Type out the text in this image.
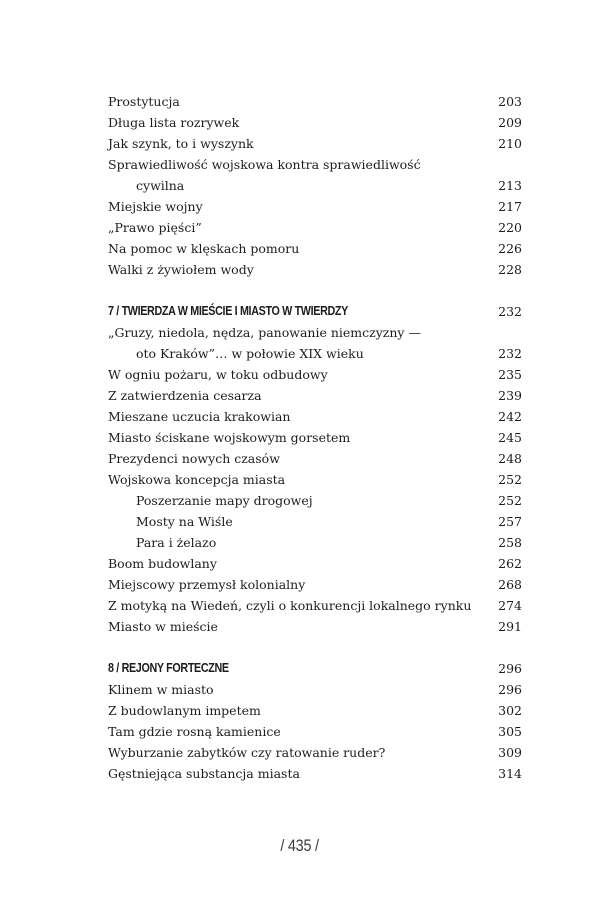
Prostytucja	203
Długa lista rozrywek	209
Jak szynk, to i wyszynk	210
Sprawiedliwość wojskowa kontra sprawiedliwość
cywilna	213
Miejskie wojny	217
„Prawo pięści”	220
Na pomoc w klęskach pomoru	226
Walki z żywiołem wody	228
7 / TWIERDZA W MIEŚCIE I MIASTO W TWIERDZY	232
„Gruzy, niedola, nędza, panowanie niemczyzny —
oto Kraków”… w połowie XIX wieku	232
W ogniu pożaru, w toku odbudowy	235
Z zatwierdzenia cesarza	239
Mieszane uczucia krakowian	242
Miasto ściskane wojskowym gorsetem	245
Prezydenci nowych czasów	248
Wojskowa koncepcja miasta	252
Poszerzanie mapy drogowej	252
Mosty na Wiśle	257
Para i żelazo	258
Boom budowlany	262
Miejscowy przemysł kolonialny	268
Z motyką na Wiedeń, czyli o konkurencji lokalnego rynku 274
Miasto w mieście	291
8 / REJONY FORTECZNE	296
Klinem w miasto	296
Z budowlanym impetem	302
Tam gdzie rosną kamienice	305
Wyburzanie zabytków czy ratowanie ruder?	309
Gęstniejąca substancja miasta	314
/ 435 /
